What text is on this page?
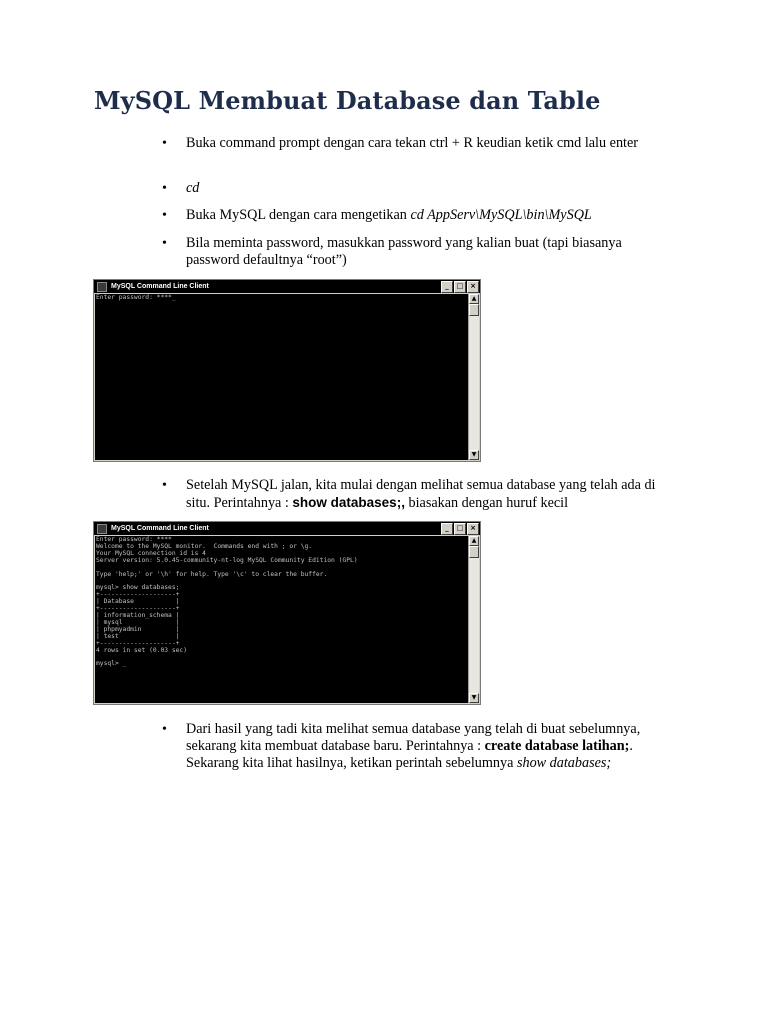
MySQL Membuat Database dan Table
• Buka command prompt dengan cara tekan ctrl + R keudian ketik cmd lalu enter
• cd
• Buka MySQL dengan cara mengetikan cd AppServ\MySQL\bin\MySQL
• Bila meminta password, masukkan password yang kalian buat (tapi biasanya password defaultnya “root”)
MySQL Command Line Client	_	□ ×
Enter password: ****_	▲
▼
• Setelah MySQL jalan, kita mulai dengan melihat semua database yang telah ada di situ. Perintahnya : show databases;, biasakan dengan huruf kecil
MySQL Command Line Client	_	□ ×
Enter password: ****
Welcome to the MySQL monitor.  Commands end with ; or \g.
Your MySQL connection id is 4
Server version: 5.0.45-community-nt-log MySQL Community Edition (GPL)

Type 'help;' or '\h' for help. Type '\c' to clear the buffer.

mysql> show databases;
+--------------------+
| Database           |
+--------------------+
| information_schema |
| mysql              |
| phpmyadmin         |
| test               |
+--------------------+
4 rows in set (0.03 sec)

mysql> _
▲
▼
• Dari hasil yang tadi kita melihat semua database yang telah di buat sebelumnya, sekarang kita membuat database baru. Perintahnya : create database latihan;. Sekarang kita lihat hasilnya, ketikan perintah sebelumnya show databases;
